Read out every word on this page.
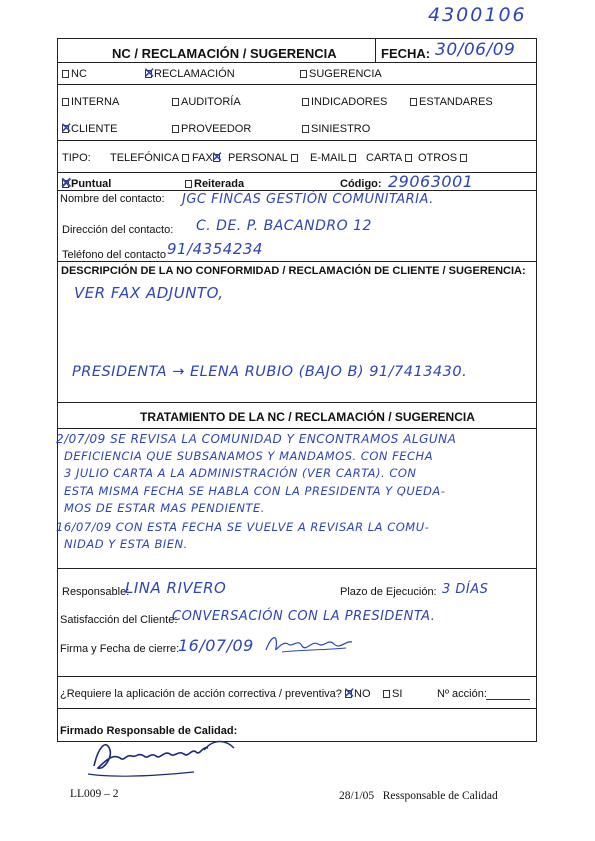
4300106
NC / RECLAMACIÓN / SUGERENCIA	FECHA: 30/06/09
NC ✕	RECLAMACIÓN	SUGERENCIA
INTERNA	AUDITORÍA	INDICADORES	ESTANDARES
✕CLIENTE	PROVEEDOR	SINIESTRO
TIPO: TELEFÓNICA	FAX ✕	PERSONAL	E-MAIL	CARTA	OTROS
✕Puntual	Reiterada	Código: 29063001
Nombre del contacto: JGC FINCAS GESTIÓN COMUNITARIA.
Dirección del contacto: C. DE. P. BACANDRO 12
Teléfono del contacto 91/4354234
DESCRIPCIÓN DE LA NO CONFORMIDAD / RECLAMACIÓN DE CLIENTE / SUGERENCIA:
VER FAX ADJUNTO,
PRESIDENTA → ELENA RUBIO (BAJO B) 91/7413430.
TRATAMIENTO DE LA NC / RECLAMACIÓN / SUGERENCIA
2/07/09 SE REVISA LA COMUNIDAD Y ENCONTRAMOS ALGUNA
DEFICIENCIA QUE SUBSANAMOS Y MANDAMOS. CON FECHA
3 JULIO CARTA A LA ADMINISTRACIÓN (VER CARTA). CON
ESTA MISMA FECHA SE HABLA CON LA PRESIDENTA Y QUEDA-
MOS DE ESTAR MAS PENDIENTE.
16/07/09 CON ESTA FECHA SE VUELVE A REVISAR LA COMU-
NIDAD Y ESTA BIEN.
Responsable:
LINA RIVERO	Plazo de Ejecución: 3 DÍAS
Satisfacción del Cliente:
CONVERSACIÓN CON LA PRESIDENTA.
Firma y Fecha de cierre:
16/07/09
¿Requiere la aplicación de acción correctiva / preventiva? ✕	NO	SI	Nº acción:
Firmado Responsable de Calidad:
LL009 – 2	28/1/05   Ressponsable de Calidad
